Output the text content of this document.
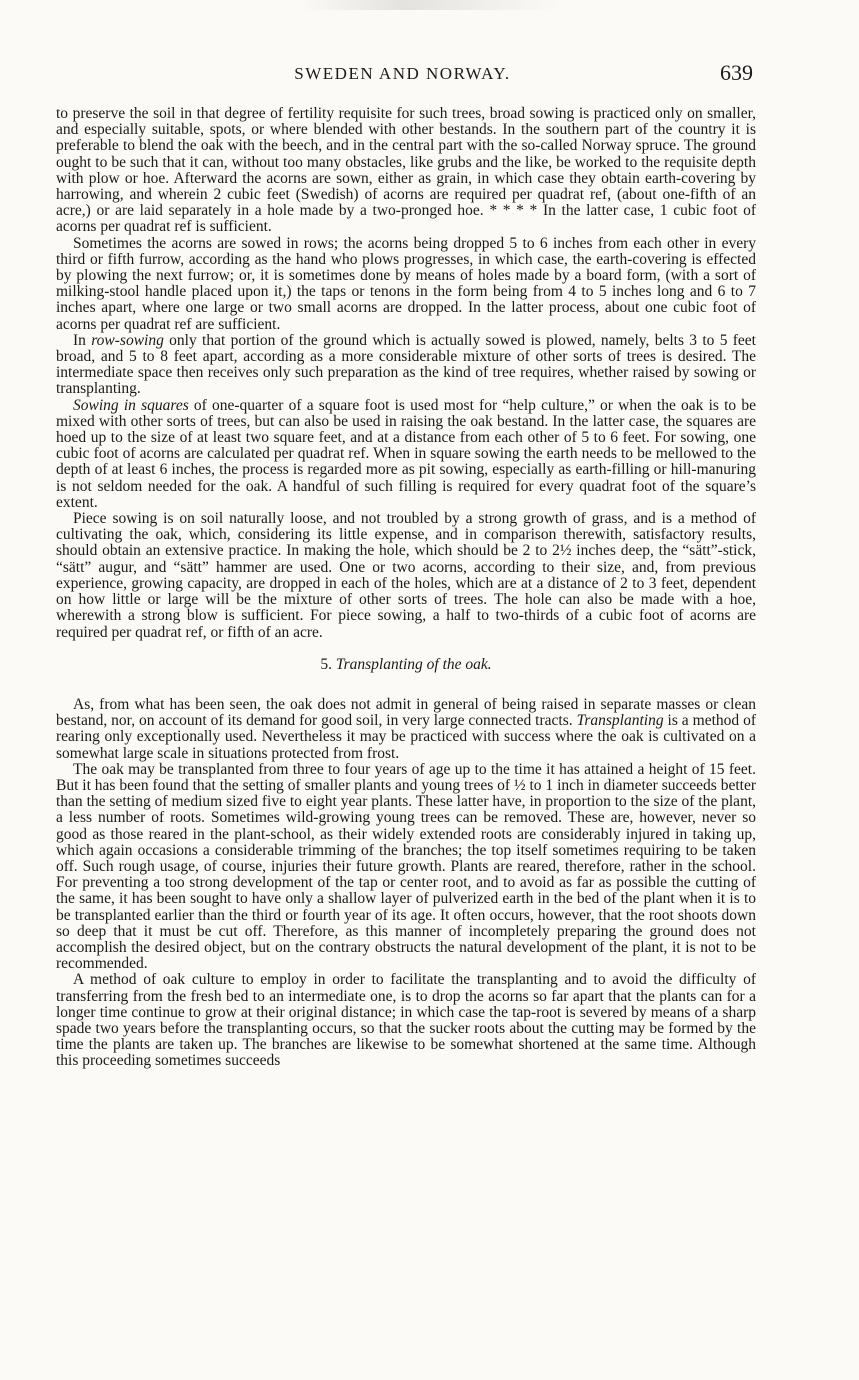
SWEDEN AND NORWAY.	639

to preserve the soil in that degree of fertility requisite for such trees, broad sowing is practiced only on smaller, and especially suitable, spots, or where blended with other bestands. In the southern part of the country it is preferable to blend the oak with the beech, and in the central part with the so-called Norway spruce. The ground ought to be such that it can, without too many obstacles, like grubs and the like, be worked to the requisite depth with plow or hoe. Afterward the acorns are sown, either as grain, in which case they obtain earth-covering by harrowing, and wherein 2 cubic feet (Swedish) of acorns are required per quadrat ref, (about one-fifth of an acre,) or are laid separately in a hole made by a two-pronged hoe. * * * * In the latter case, 1 cubic foot of acorns per quadrat ref is sufficient.

Sometimes the acorns are sowed in rows; the acorns being dropped 5 to 6 inches from each other in every third or fifth furrow, according as the hand who plows progresses, in which case, the earth-covering is effected by plowing the next furrow; or, it is sometimes done by means of holes made by a board form, (with a sort of milking-stool handle placed upon it,) the taps or tenons in the form being from 4 to 5 inches long and 6 to 7 inches apart, where one large or two small acorns are dropped. In the latter process, about one cubic foot of acorns per quadrat ref are sufficient.

In row-sowing only that portion of the ground which is actually sowed is plowed, namely, belts 3 to 5 feet broad, and 5 to 8 feet apart, according as a more considerable mixture of other sorts of trees is desired. The intermediate space then receives only such preparation as the kind of tree requires, whether raised by sowing or transplanting.

Sowing in squares of one-quarter of a square foot is used most for “help culture,” or when the oak is to be mixed with other sorts of trees, but can also be used in raising the oak bestand. In the latter case, the squares are hoed up to the size of at least two square feet, and at a distance from each other of 5 to 6 feet. For sowing, one cubic foot of acorns are calculated per quadrat ref. When in square sowing the earth needs to be mellowed to the depth of at least 6 inches, the process is regarded more as pit sowing, especially as earth-filling or hill-manuring is not seldom needed for the oak. A handful of such filling is required for every quadrat foot of the square’s extent.

Piece sowing is on soil naturally loose, and not troubled by a strong growth of grass, and is a method of cultivating the oak, which, considering its little expense, and in comparison therewith, satisfactory results, should obtain an extensive practice. In making the hole, which should be 2 to 2½ inches deep, the “sätt”-stick, “sätt” augur, and “sätt” hammer are used. One or two acorns, according to their size, and, from previous experience, growing capacity, are dropped in each of the holes, which are at a distance of 2 to 3 feet, dependent on how little or large will be the mixture of other sorts of trees. The hole can also be made with a hoe, wherewith a strong blow is sufficient. For piece sowing, a half to two-thirds of a cubic foot of acorns are required per quadrat ref, or fifth of an acre.

5. Transplanting of the oak.

As, from what has been seen, the oak does not admit in general of being raised in separate masses or clean bestand, nor, on account of its demand for good soil, in very large connected tracts. Transplanting is a method of rearing only exceptionally used. Nevertheless it may be practiced with success where the oak is cultivated on a somewhat large scale in situations protected from frost.

The oak may be transplanted from three to four years of age up to the time it has attained a height of 15 feet. But it has been found that the setting of smaller plants and young trees of ½ to 1 inch in diameter succeeds better than the setting of medium sized five to eight year plants. These latter have, in proportion to the size of the plant, a less number of roots. Sometimes wild-growing young trees can be removed. These are, however, never so good as those reared in the plant-school, as their widely extended roots are considerably injured in taking up, which again occasions a considerable trimming of the branches; the top itself sometimes requiring to be taken off. Such rough usage, of course, injuries their future growth. Plants are reared, therefore, rather in the school. For preventing a too strong development of the tap or center root, and to avoid as far as possible the cutting of the same, it has been sought to have only a shallow layer of pulverized earth in the bed of the plant when it is to be transplanted earlier than the third or fourth year of its age. It often occurs, however, that the root shoots down so deep that it must be cut off. Therefore, as this manner of incompletely preparing the ground does not accomplish the desired object, but on the contrary obstructs the natural development of the plant, it is not to be recommended.

A method of oak culture to employ in order to facilitate the transplanting and to avoid the difficulty of transferring from the fresh bed to an intermediate one, is to drop the acorns so far apart that the plants can for a longer time continue to grow at their original distance; in which case the tap-root is severed by means of a sharp spade two years before the transplanting occurs, so that the sucker roots about the cutting may be formed by the time the plants are taken up. The branches are likewise to be somewhat shortened at the same time. Although this proceeding sometimes succeeds
